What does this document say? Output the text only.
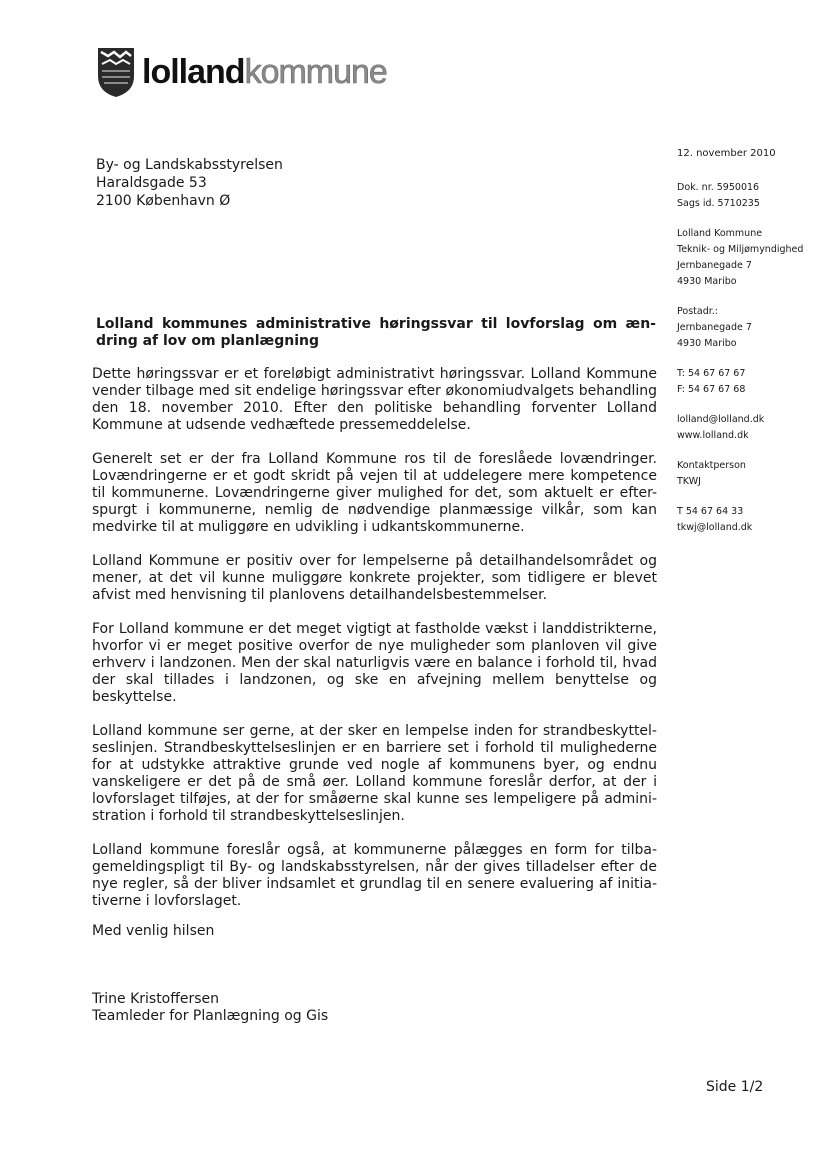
lollandkommune
By- og Landskabsstyrelsen
Haraldsgade 53
2100 København Ø
12. november 2010
Dok. nr. 5950016
Sags id. 5710235
Lolland Kommune
Teknik- og Miljømyndighed
Jernbanegade 7
4930 Maribo
Postadr.:
Jernbanegade 7
4930 Maribo
T: 54 67 67 67
F: 54 67 67 68
lolland@lolland.dk
www.lolland.dk
Kontaktperson
TKWJ
T 54 67 64 33
tkwj@lolland.dk
Lolland kommunes administrative høringssvar til lovforslag om æn-dring af lov om planlægning

Dette høringssvar er et foreløbigt administrativt høringssvar. Lolland Kommune vender tilbage med sit endelige høringssvar efter økonomiudvalgets behandling den 18. november 2010. Efter den politiske behandling forventer Lolland Kommune at udsende vedhæftede pressemeddelelse.

Generelt set er der fra Lolland Kommune ros til de foreslåede lovændringer. Lovændringerne er et godt skridt på vejen til at uddelegere mere kompetence til kommunerne. Lovændringerne giver mulighed for det, som aktuelt er efter-spurgt i kommunerne, nemlig de nødvendige planmæssige vilkår, som kan medvirke til at muliggøre en udvikling i udkantskommunerne.

Lolland Kommune er positiv over for lempelserne på detailhandelsområdet og mener, at det vil kunne muliggøre konkrete projekter, som tidligere er blevet afvist med henvisning til planlovens detailhandelsbestemmelser.

For Lolland kommune er det meget vigtigt at fastholde vækst i landdistrikterne, hvorfor vi er meget positive overfor de nye muligheder som planloven vil give erhverv i landzonen. Men der skal naturligvis være en balance i forhold til, hvad der skal tillades i landzonen, og ske en afvejning mellem benyttelse og beskyttelse.

Lolland kommune ser gerne, at der sker en lempelse inden for strandbeskyttel-seslinjen. Strandbeskyttelseslinjen er en barriere set i forhold til mulighederne for at udstykke attraktive grunde ved nogle af kommunens byer, og endnu vanskeligere er det på de små øer. Lolland kommune foreslår derfor, at der i lovforslaget tilføjes, at der for småøerne skal kunne ses lempeligere på admini-stration i forhold til strandbeskyttelseslinjen.

Lolland kommune foreslår også, at kommunerne pålægges en form for tilba-gemeldingspligt til By- og landskabsstyrelsen, når der gives tilladelser efter de nye regler, så der bliver indsamlet et grundlag til en senere evaluering af initia-tiverne i lovforslaget.

Med venlig hilsen
Trine Kristoffersen
Teamleder for Planlægning og Gis
Side 1/2
